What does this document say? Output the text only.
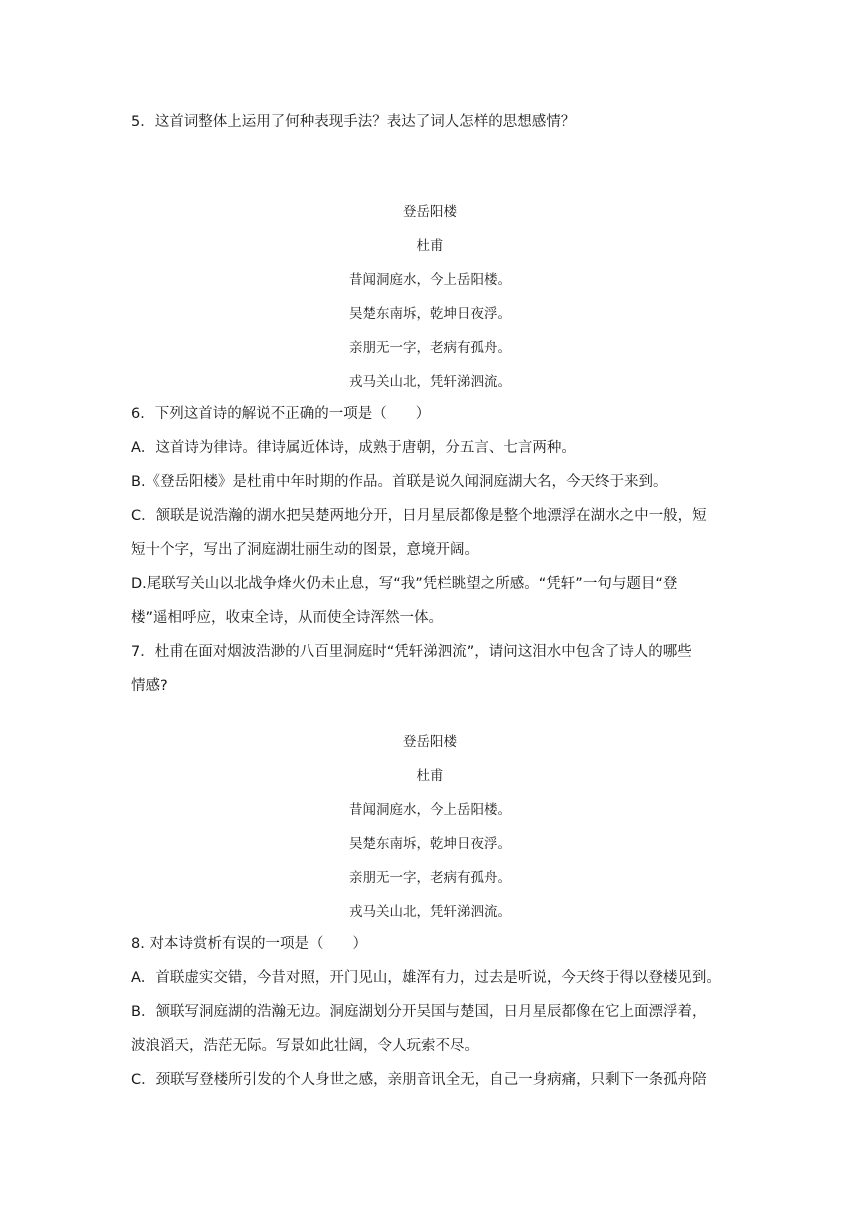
5．这首词整体上运用了何种表现手法？表达了词人怎样的思想感情？
登岳阳楼
杜甫
昔闻洞庭水，今上岳阳楼。
吴楚东南坼，乾坤日夜浮。
亲朋无一字，老病有孤舟。
戎马关山北，凭轩涕泗流。
6．下列这首诗的解说不正确的一项是（　　）
A．这首诗为律诗。律诗属近体诗，成熟于唐朝，分五言、七言两种。
B.《登岳阳楼》是杜甫中年时期的作品。首联是说久闻洞庭湖大名，今天终于来到。
C．颔联是说浩瀚的湖水把吴楚两地分开，日月星辰都像是整个地漂浮在湖水之中一般，短
短十个字，写出了洞庭湖壮丽生动的图景，意境开阔。
D.尾联写关山以北战争烽火仍未止息，写“我”凭栏眺望之所感。“凭轩”一句与题目“登
楼”遥相呼应，收束全诗，从而使全诗浑然一体。
7．杜甫在面对烟波浩渺的八百里洞庭时“凭轩涕泗流”，请问这泪水中包含了诗人的哪些
情感?
登岳阳楼
杜甫
昔闻洞庭水，今上岳阳楼。
吴楚东南坼，乾坤日夜浮。
亲朋无一字，老病有孤舟。
戎马关山北，凭轩涕泗流。
8. 对本诗赏析有误的一项是（　　）
A．首联虚实交错，今昔对照，开门见山，雄浑有力，过去是听说，今天终于得以登楼见到。
B．颔联写洞庭湖的浩瀚无边。洞庭湖划分开吴国与楚国，日月星辰都像在它上面漂浮着，
波浪滔天，浩茫无际。写景如此壮阔，令人玩索不尽。
C．颈联写登楼所引发的个人身世之感，亲朋音讯全无，自己一身病痛，只剩下一条孤舟陪
